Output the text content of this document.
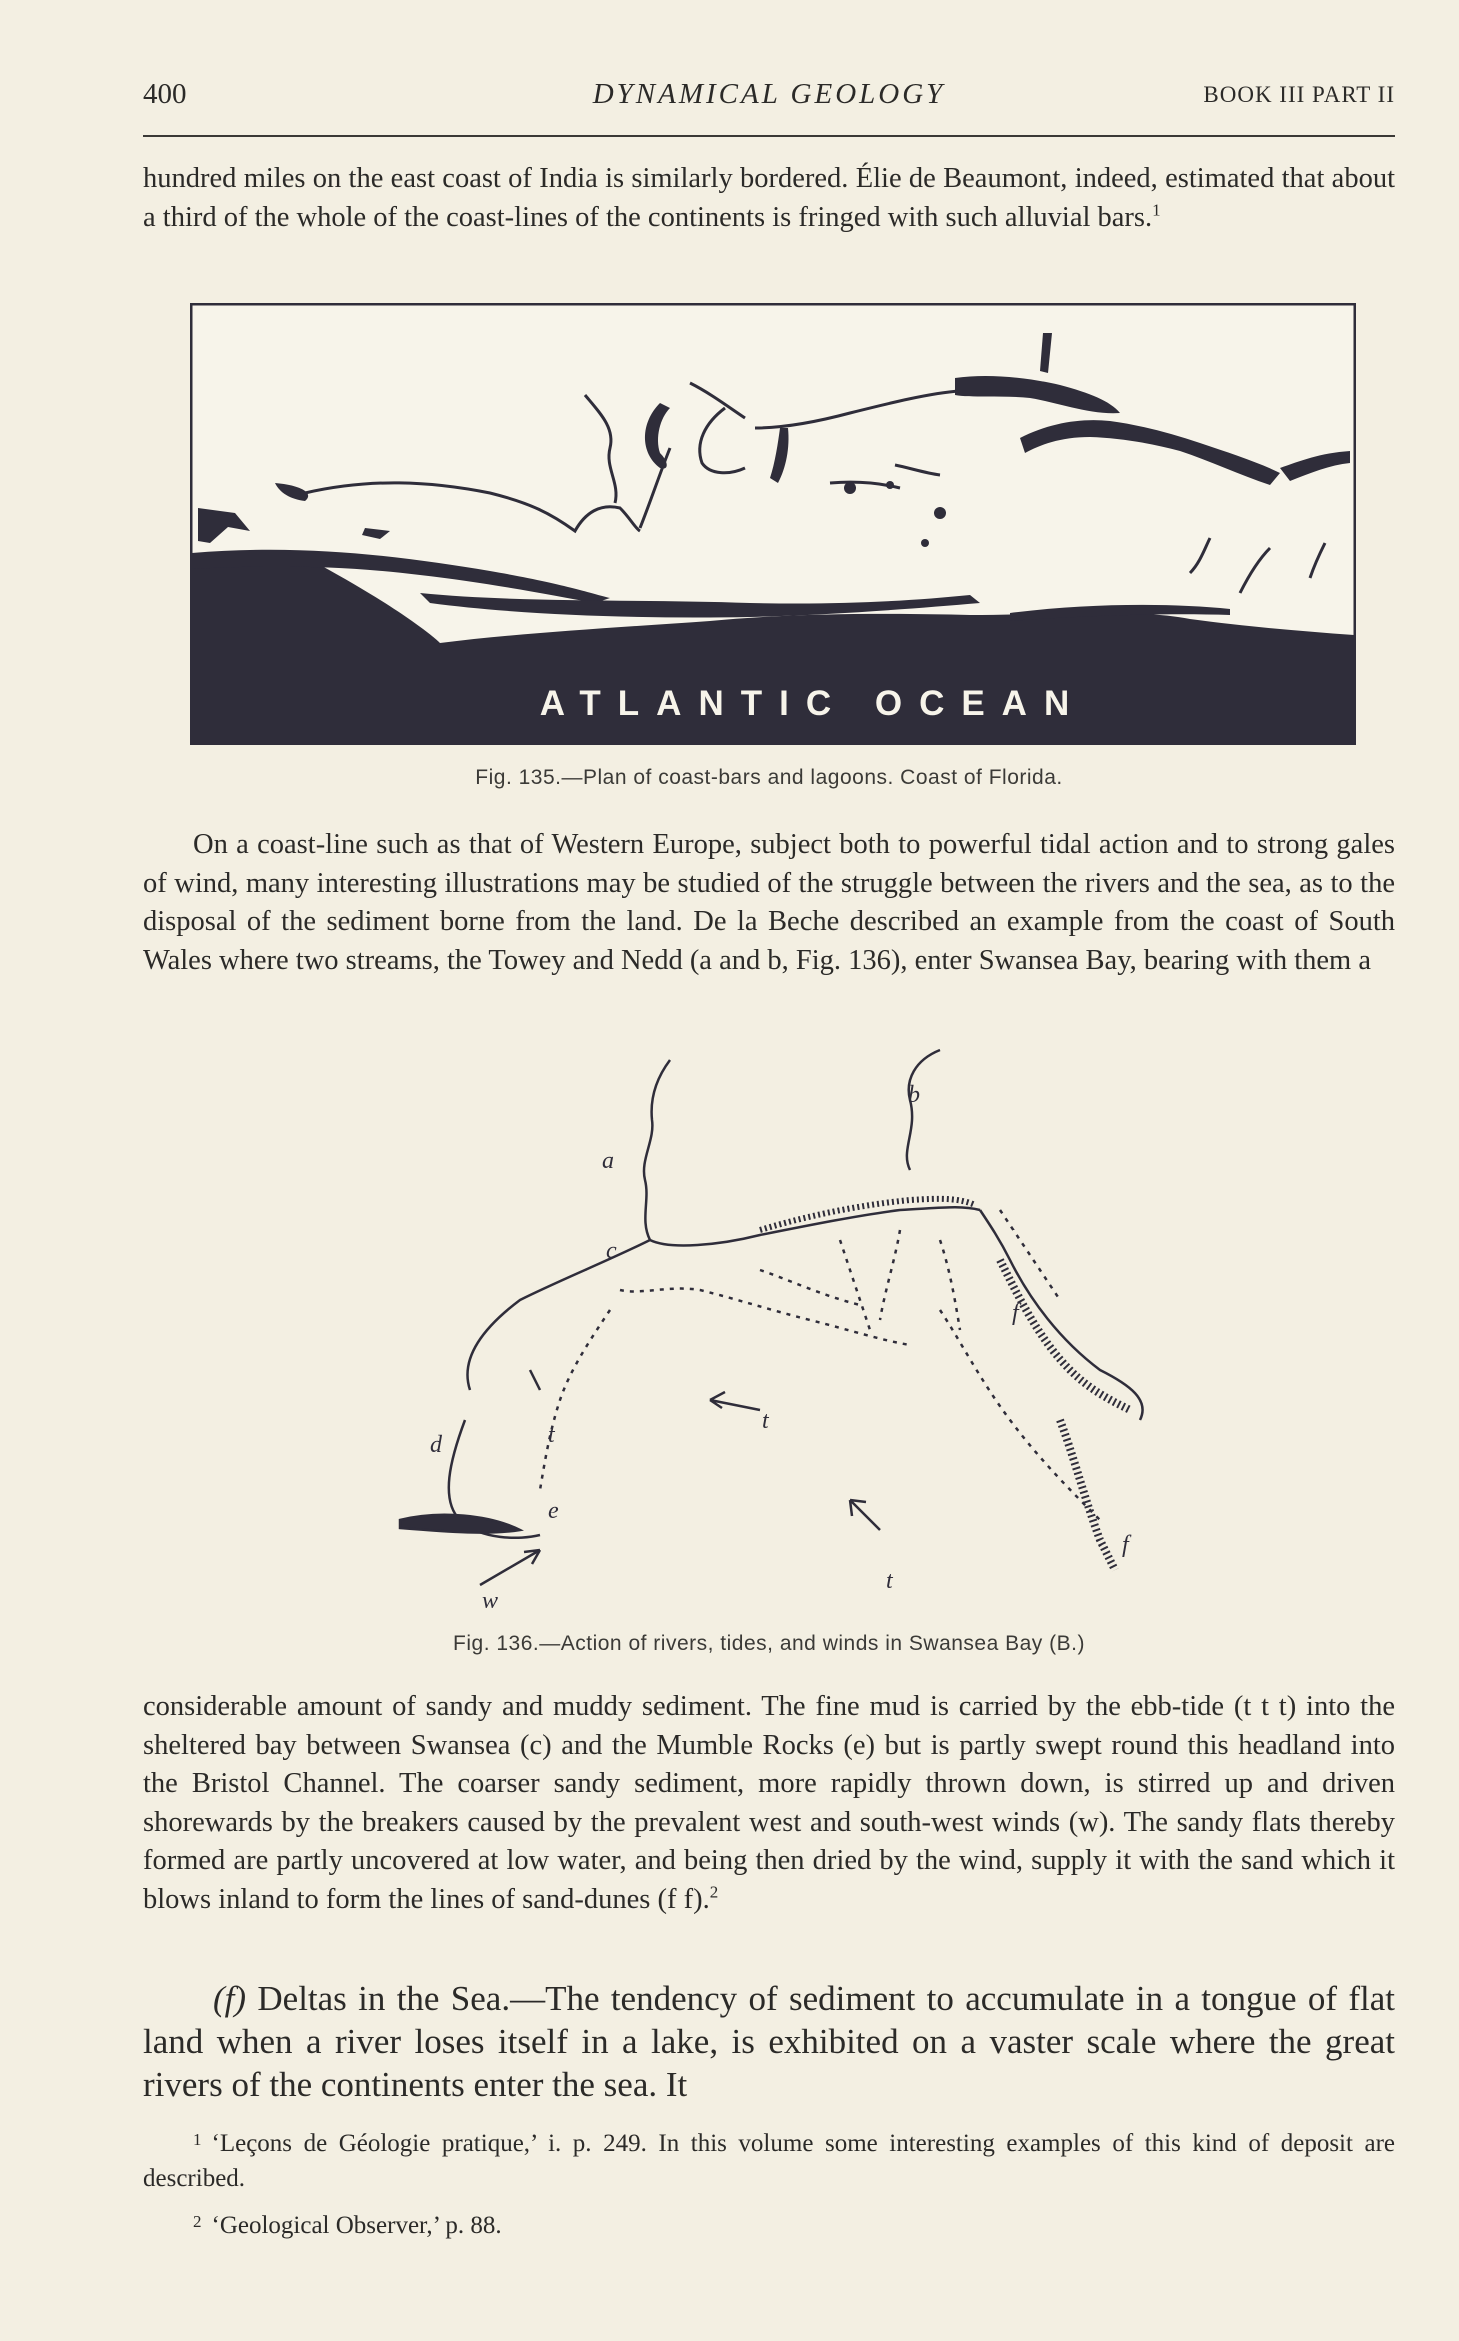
400	DYNAMICAL GEOLOGY	BOOK III PART II
hundred miles on the east coast of India is similarly bordered. Élie de Beaumont, indeed, estimated that about a third of the whole of the coast-lines of the continents is fringed with such alluvial bars.$^1$
ATLANTIC OCEAN
Fig. 135.—Plan of coast-bars and lagoons. Coast of Florida.
On a coast-line such as that of Western Europe, subject both to powerful tidal action and to strong gales of wind, many interesting illustrations may be studied of the struggle between the rivers and the sea, as to the disposal of the sediment borne from the land. De la Beche described an example from the coast of South Wales where two streams, the Towey and Nedd (a and b, Fig. 136), enter Swansea Bay, bearing with them a
a
b
c
d
e
f
f
t
t
t
w
Fig. 136.—Action of rivers, tides, and winds in Swansea Bay (B.)
considerable amount of sandy and muddy sediment. The fine mud is carried by the ebb-tide (t t t) into the sheltered bay between Swansea (c) and the Mumble Rocks (e) but is partly swept round this headland into the Bristol Channel. The coarser sandy sediment, more rapidly thrown down, is stirred up and driven shorewards by the breakers caused by the prevalent west and south-west winds (w). The sandy flats thereby formed are partly uncovered at low water, and being then dried by the wind, supply it with the sand which it blows inland to form the lines of sand-dunes (f f).$^2$
(f) Deltas in the Sea.—The tendency of sediment to accumulate in a tongue of flat land when a river loses itself in a lake, is exhibited on a vaster scale where the great rivers of the continents enter the sea. It
$^1$ ‘Leçons de Géologie pratique,’ i. p. 249. In this volume some interesting examples of this kind of deposit are described.
$^2$ ‘Geological Observer,’ p. 88.
